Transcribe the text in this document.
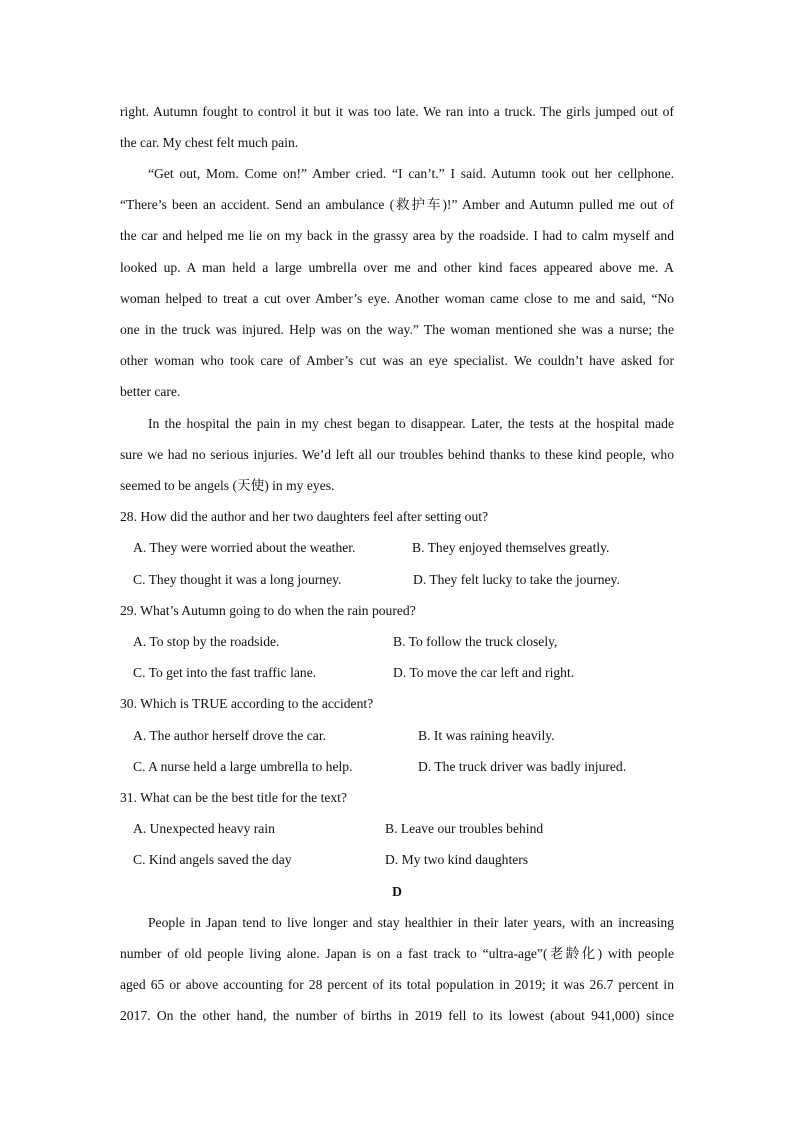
right. Autumn fought to control it but it was too late. We ran into a truck. The girls jumped out of
the car. My chest felt much pain.
“Get out, Mom. Come on!” Amber cried. “I can’t.” I said. Autumn took out her cellphone.
“There’s been an accident. Send an ambulance (救护车)!” Amber and Autumn pulled me out of
the car and helped me lie on my back in the grassy area by the roadside. I had to calm myself and
looked up. A man held a large umbrella over me and other kind faces appeared above me. A
woman helped to treat a cut over Amber’s eye. Another woman came close to me and said, “No
one in the truck was injured. Help was on the way.” The woman mentioned she was a nurse; the
other woman who took care of Amber’s cut was an eye specialist. We couldn’t have asked for
better care.
In the hospital the pain in my chest began to disappear. Later, the tests at the hospital made
sure we had no serious injuries. We’d left all our troubles behind thanks to these kind people, who
seemed to be angels (天使) in my eyes.
28. How did the author and her two daughters feel after setting out?
A. They were worried about the weather.	B. They enjoyed themselves greatly.
C. They thought it was a long journey.	D. They felt lucky to take the journey.
29. What’s Autumn going to do when the rain poured?
A. To stop by the roadside.	B. To follow the truck closely,
C. To get into the fast traffic lane.	D. To move the car left and right.
30. Which is TRUE according to the accident?
A. The author herself drove the car.	B. It was raining heavily.
C. A nurse held a large umbrella to help.	D. The truck driver was badly injured.
31. What can be the best title for the text?
A. Unexpected heavy rain	B. Leave our troubles behind
C. Kind angels saved the day	D. My two kind daughters
D
People in Japan tend to live longer and stay healthier in their later years, with an increasing
number of old people living alone. Japan is on a fast track to “ultra-age”(老龄化) with people
aged 65 or above accounting for 28 percent of its total population in 2019; it was 26.7 percent in
2017. On the other hand, the number of births in 2019 fell to its lowest (about 941,000) since
